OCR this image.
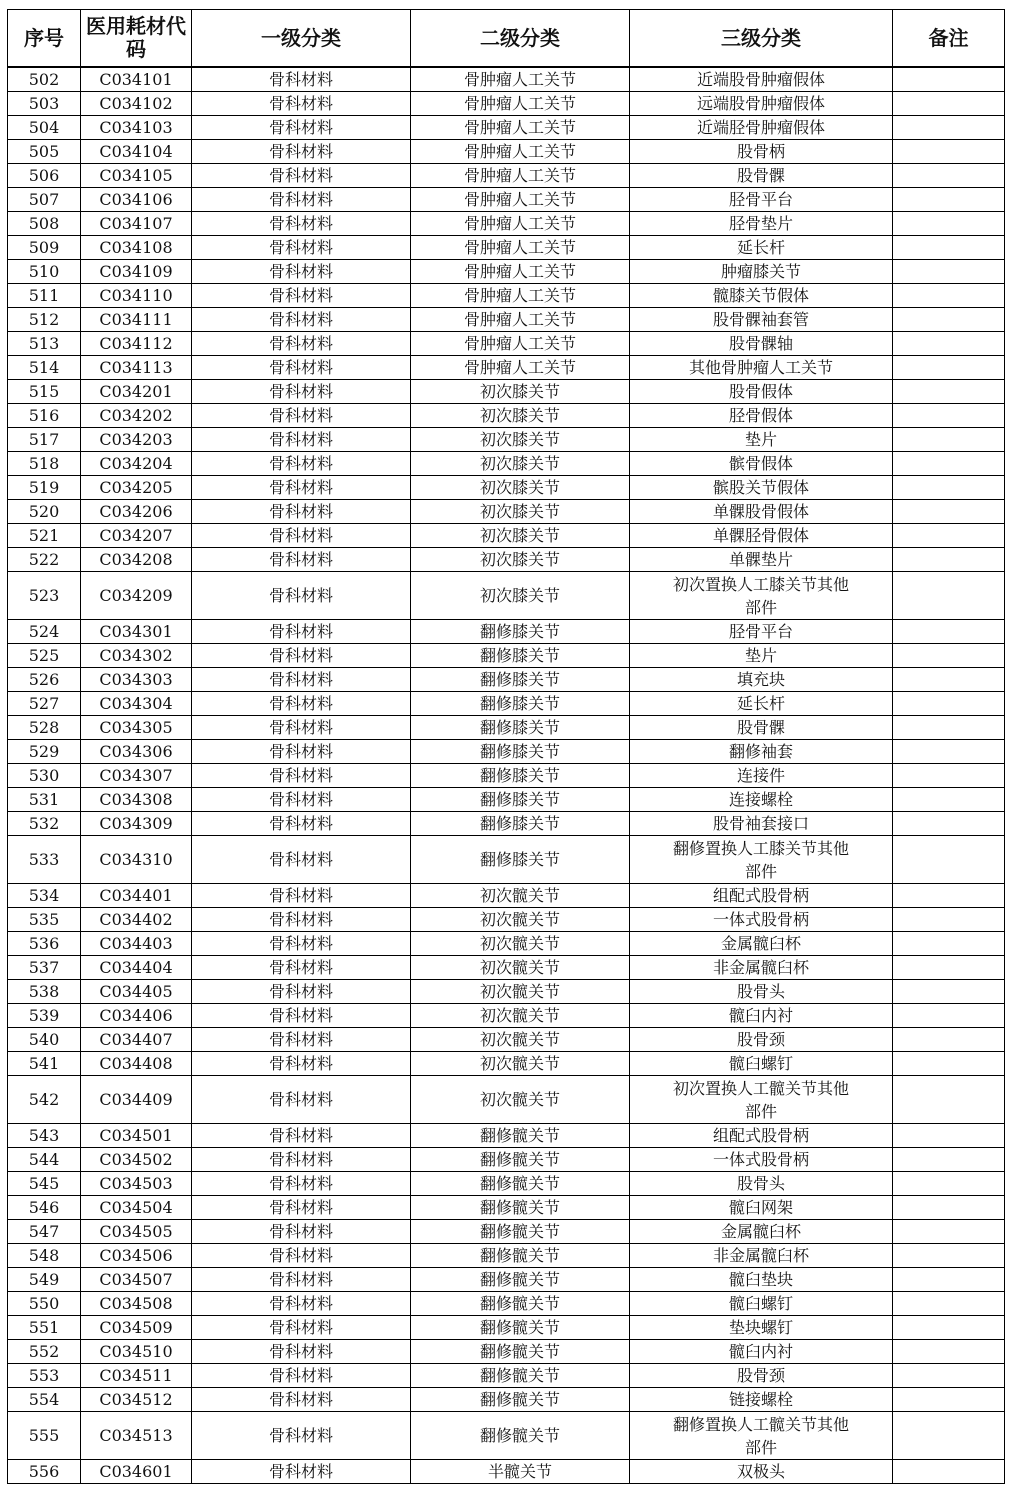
序号	医用耗材代码	一级分类	二级分类	三级分类	备注
502	C034101	骨科材料	骨肿瘤人工关节	近端股骨肿瘤假体	
503	C034102	骨科材料	骨肿瘤人工关节	远端股骨肿瘤假体	
504	C034103	骨科材料	骨肿瘤人工关节	近端胫骨肿瘤假体	
505	C034104	骨科材料	骨肿瘤人工关节	股骨柄	
506	C034105	骨科材料	骨肿瘤人工关节	股骨髁	
507	C034106	骨科材料	骨肿瘤人工关节	胫骨平台	
508	C034107	骨科材料	骨肿瘤人工关节	胫骨垫片	
509	C034108	骨科材料	骨肿瘤人工关节	延长杆	
510	C034109	骨科材料	骨肿瘤人工关节	肿瘤膝关节	
511	C034110	骨科材料	骨肿瘤人工关节	髋膝关节假体	
512	C034111	骨科材料	骨肿瘤人工关节	股骨髁袖套管	
513	C034112	骨科材料	骨肿瘤人工关节	股骨髁轴	
514	C034113	骨科材料	骨肿瘤人工关节	其他骨肿瘤人工关节	
515	C034201	骨科材料	初次膝关节	股骨假体	
516	C034202	骨科材料	初次膝关节	胫骨假体	
517	C034203	骨科材料	初次膝关节	垫片	
518	C034204	骨科材料	初次膝关节	髌骨假体	
519	C034205	骨科材料	初次膝关节	髌股关节假体	
520	C034206	骨科材料	初次膝关节	单髁股骨假体	
521	C034207	骨科材料	初次膝关节	单髁胫骨假体	
522	C034208	骨科材料	初次膝关节	单髁垫片	
523	C034209	骨科材料	初次膝关节	初次置换人工膝关节其他
部件	

524	C034301	骨科材料	翻修膝关节	胫骨平台	
525	C034302	骨科材料	翻修膝关节	垫片	
526	C034303	骨科材料	翻修膝关节	填充块	
527	C034304	骨科材料	翻修膝关节	延长杆	
528	C034305	骨科材料	翻修膝关节	股骨髁	
529	C034306	骨科材料	翻修膝关节	翻修袖套	
530	C034307	骨科材料	翻修膝关节	连接件	
531	C034308	骨科材料	翻修膝关节	连接螺栓	
532	C034309	骨科材料	翻修膝关节	股骨袖套接口	
533	C034310	骨科材料	翻修膝关节	翻修置换人工膝关节其他
部件	

534	C034401	骨科材料	初次髋关节	组配式股骨柄	
535	C034402	骨科材料	初次髋关节	一体式股骨柄	
536	C034403	骨科材料	初次髋关节	金属髋臼杯	
537	C034404	骨科材料	初次髋关节	非金属髋臼杯	
538	C034405	骨科材料	初次髋关节	股骨头	
539	C034406	骨科材料	初次髋关节	髋臼内衬	
540	C034407	骨科材料	初次髋关节	股骨颈	
541	C034408	骨科材料	初次髋关节	髋臼螺钉	
542	C034409	骨科材料	初次髋关节	初次置换人工髋关节其他
部件	

543	C034501	骨科材料	翻修髋关节	组配式股骨柄	
544	C034502	骨科材料	翻修髋关节	一体式股骨柄	
545	C034503	骨科材料	翻修髋关节	股骨头	
546	C034504	骨科材料	翻修髋关节	髋臼网架	
547	C034505	骨科材料	翻修髋关节	金属髋臼杯	
548	C034506	骨科材料	翻修髋关节	非金属髋臼杯	
549	C034507	骨科材料	翻修髋关节	髋臼垫块	
550	C034508	骨科材料	翻修髋关节	髋臼螺钉	
551	C034509	骨科材料	翻修髋关节	垫块螺钉	
552	C034510	骨科材料	翻修髋关节	髋臼内衬	
553	C034511	骨科材料	翻修髋关节	股骨颈	
554	C034512	骨科材料	翻修髋关节	链接螺栓	
555	C034513	骨科材料	翻修髋关节	翻修置换人工髋关节其他
部件	

556	C034601	骨科材料	半髋关节	双极头	
